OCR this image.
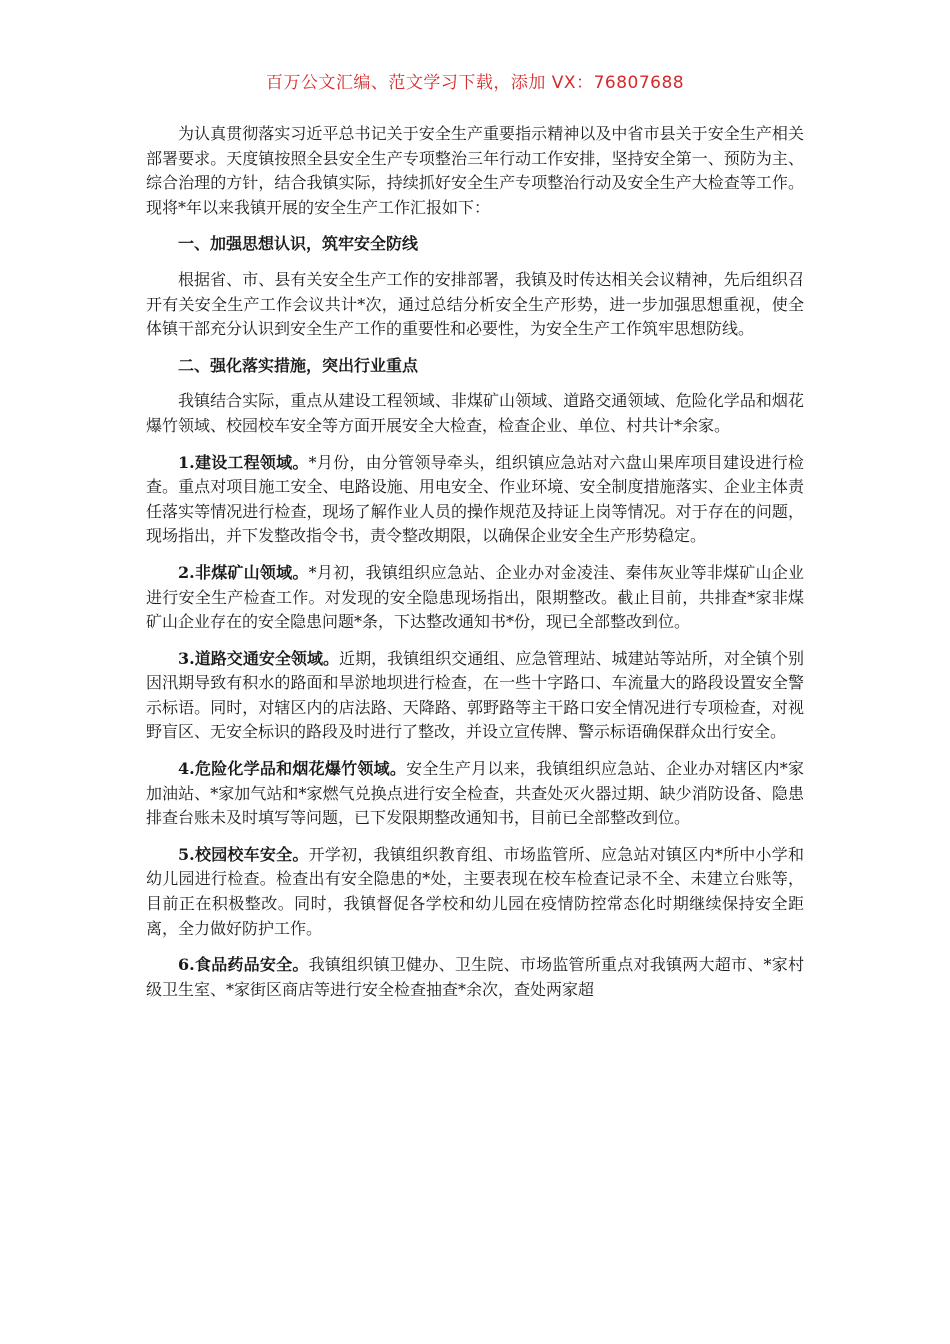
百万公文汇编、范文学习下载，添加 VX：76807688

为认真贯彻落实习近平总书记关于安全生产重要指示精神以及中省市县关于安全生产相关部署要求。天度镇按照全县安全生产专项整治三年行动工作安排，坚持安全第一、预防为主、综合治理的方针，结合我镇实际，持续抓好安全生产专项整治行动及安全生产大检查等工作。现将*年以来我镇开展的安全生产工作汇报如下：

一、加强思想认识，筑牢安全防线

根据省、市、县有关安全生产工作的安排部署，我镇及时传达相关会议精神，先后组织召开有关安全生产工作会议共计*次，通过总结分析安全生产形势，进一步加强思想重视，使全体镇干部充分认识到安全生产工作的重要性和必要性，为安全生产工作筑牢思想防线。

二、强化落实措施，突出行业重点

我镇结合实际，重点从建设工程领域、非煤矿山领域、道路交通领域、危险化学品和烟花爆竹领域、校园校车安全等方面开展安全大检查，检查企业、单位、村共计*余家。

1.建设工程领域。*月份，由分管领导牵头，组织镇应急站对六盘山果库项目建设进行检查。重点对项目施工安全、电路设施、用电安全、作业环境、安全制度措施落实、企业主体责任落实等情况进行检查，现场了解作业人员的操作规范及持证上岗等情况。对于存在的问题，现场指出，并下发整改指令书，责令整改期限，以确保企业安全生产形势稳定。

2.非煤矿山领域。*月初，我镇组织应急站、企业办对金凌洼、秦伟灰业等非煤矿山企业进行安全生产检查工作。对发现的安全隐患现场指出，限期整改。截止目前，共排查*家非煤矿山企业存在的安全隐患问题*条，下达整改通知书*份，现已全部整改到位。

3.道路交通安全领域。近期，我镇组织交通组、应急管理站、城建站等站所，对全镇个别因汛期导致有积水的路面和旱淤地坝进行检查，在一些十字路口、车流量大的路段设置安全警示标语。同时，对辖区内的店法路、天降路、郭野路等主干路口安全情况进行专项检查，对视野盲区、无安全标识的路段及时进行了整改，并设立宣传牌、警示标语确保群众出行安全。

4.危险化学品和烟花爆竹领域。安全生产月以来，我镇组织应急站、企业办对辖区内*家加油站、*家加气站和*家燃气兑换点进行安全检查，共查处灭火器过期、缺少消防设备、隐患排查台账未及时填写等问题，已下发限期整改通知书，目前已全部整改到位。

5.校园校车安全。开学初，我镇组织教育组、市场监管所、应急站对镇区内*所中小学和幼儿园进行检查。检查出有安全隐患的*处，主要表现在校车检查记录不全、未建立台账等，目前正在积极整改。同时，我镇督促各学校和幼儿园在疫情防控常态化时期继续保持安全距离，全力做好防护工作。

6.食品药品安全。我镇组织镇卫健办、卫生院、市场监管所重点对我镇两大超市、*家村级卫生室、*家街区商店等进行安全检查抽查*余次，查处两家超
